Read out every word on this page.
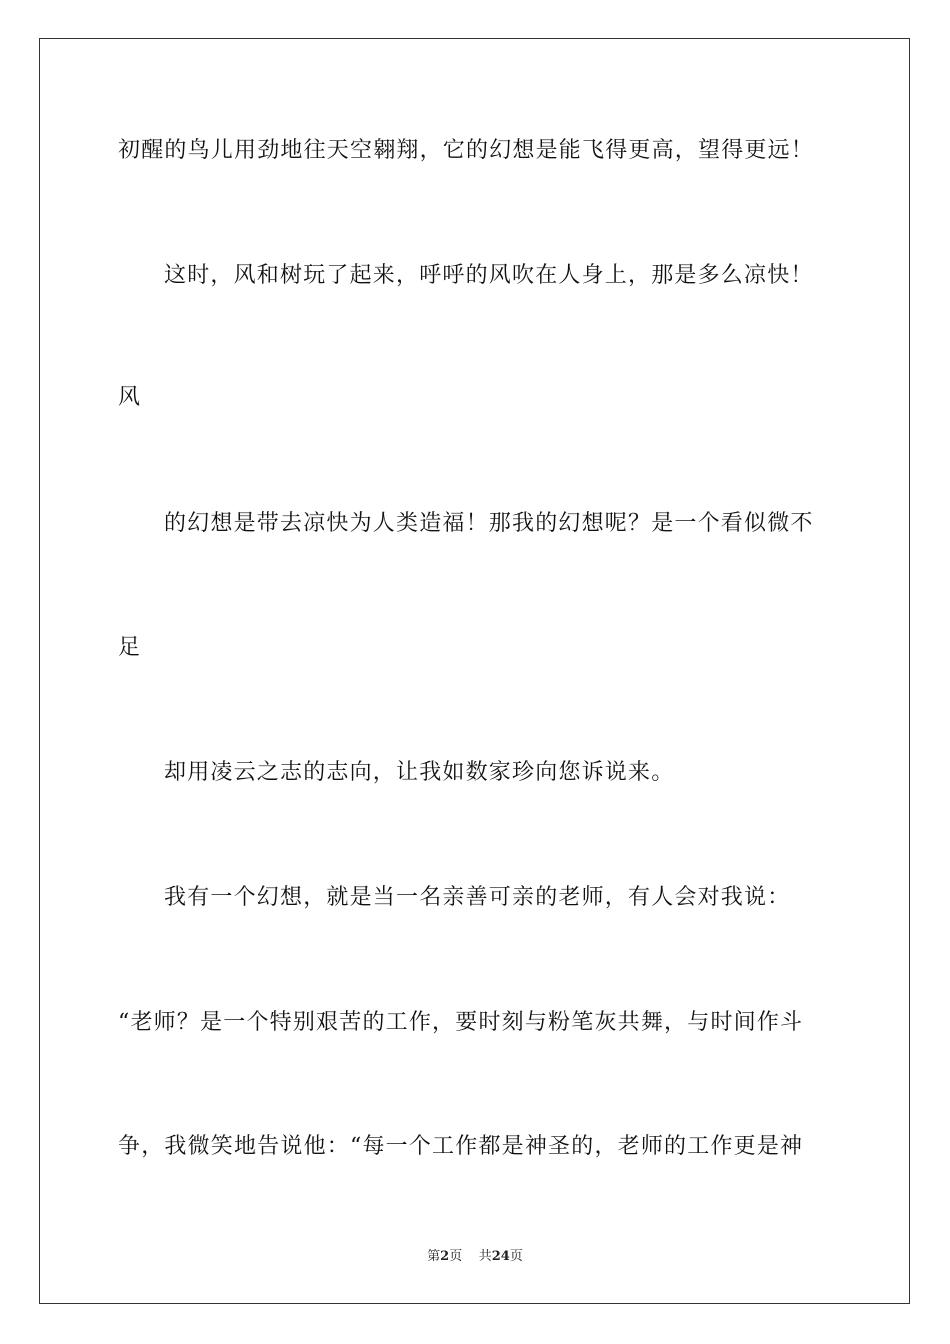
初醒的鸟儿用劲地往天空翱翔，它的幻想是能飞得更高，望得更远！
这时，风和树玩了起来，呼呼的风吹在人身上，那是多么凉快！
风
的幻想是带去凉快为人类造福！那我的幻想呢？是一个看似微不
足
却用凌云之志的志向，让我如数家珍向您诉说来。
我有一个幻想，就是当一名亲善可亲的老师，有人会对我说：
“老师？是一个特别艰苦的工作，要时刻与粉笔灰共舞，与时间作斗
争，我微笑地告说他：“每一个工作都是神圣的，老师的工作更是神
第2页 共24页
